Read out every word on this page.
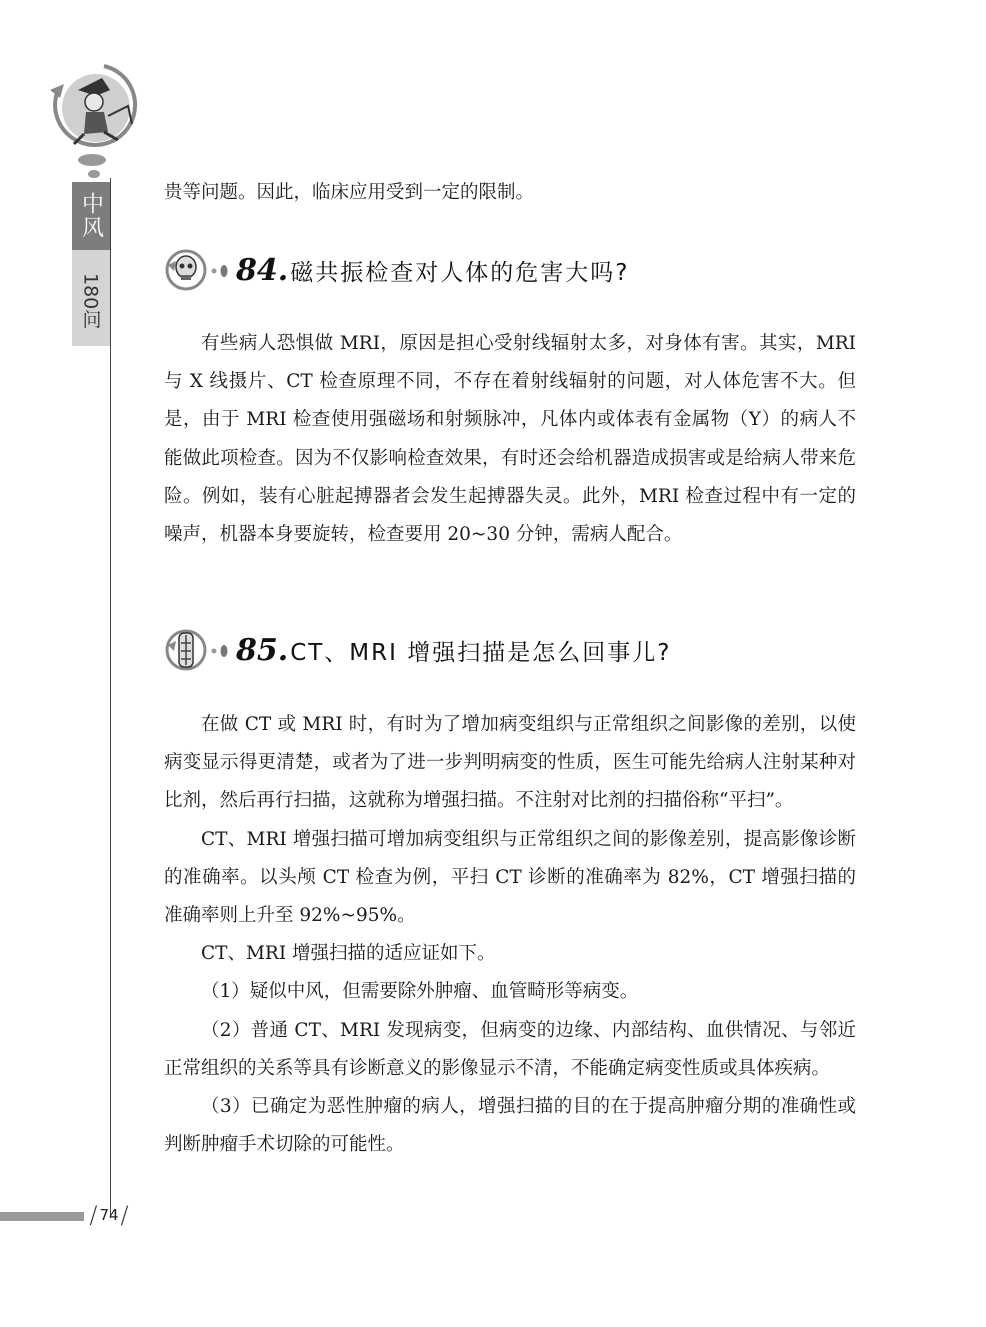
中风
180问
/ 74 /

贵等问题。因此，临床应用受到一定的限制。

84. 磁共振检查对人体的危害大吗?

有些病人恐惧做 MRI，原因是担心受射线辐射太多，对身体有害。其实，MRI 与 X 线摄片、CT 检查原理不同，不存在着射线辐射的问题，对人体危害不大。但是，由于 MRI 检查使用强磁场和射频脉冲，凡体内或体表有金属物（Y）的病人不能做此项检查。因为不仅影响检查效果，有时还会给机器造成损害或是给病人带来危险。例如，装有心脏起搏器者会发生起搏器失灵。此外，MRI 检查过程中有一定的噪声，机器本身要旋转，检查要用 20~30 分钟，需病人配合。

85. CT、MRI 增强扫描是怎么回事儿?

在做 CT 或 MRI 时，有时为了增加病变组织与正常组织之间影像的差别，以使病变显示得更清楚，或者为了进一步判明病变的性质，医生可能先给病人注射某种对比剂，然后再行扫描，这就称为增强扫描。不注射对比剂的扫描俗称“平扫”。

CT、MRI 增强扫描可增加病变组织与正常组织之间的影像差别，提高影像诊断的准确率。以头颅 CT 检查为例，平扫 CT 诊断的准确率为 82%，CT 增强扫描的准确率则上升至 92%~95%。

CT、MRI 增强扫描的适应证如下。

（1）疑似中风，但需要除外肿瘤、血管畸形等病变。

（2）普通 CT、MRI 发现病变，但病变的边缘、内部结构、血供情况、与邻近正常组织的关系等具有诊断意义的影像显示不清，不能确定病变性质或具体疾病。

（3）已确定为恶性肿瘤的病人，增强扫描的目的在于提高肿瘤分期的准确性或判断肿瘤手术切除的可能性。
